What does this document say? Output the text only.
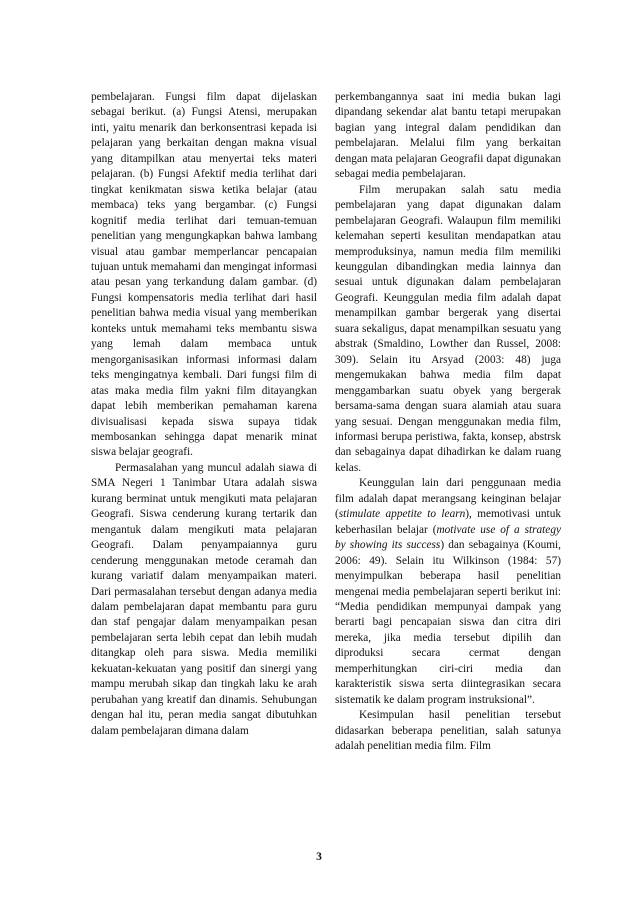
pembelajaran. Fungsi film dapat dijelaskan sebagai berikut. (a) Fungsi Atensi, merupakan inti, yaitu menarik dan berkonsentrasi kepada isi pelajaran yang berkaitan dengan makna visual yang ditampilkan atau menyertai teks materi pelajaran. (b) Fungsi Afektif media terlihat dari tingkat kenikmatan siswa ketika belajar (atau membaca) teks yang bergambar. (c) Fungsi kognitif media terlihat dari temuan-temuan penelitian yang mengungkapkan bahwa lambang visual atau gambar memperlancar pencapaian tujuan untuk memahami dan mengingat informasi atau pesan yang terkandung dalam gambar. (d) Fungsi kompensatoris media terlihat dari hasil penelitian bahwa media visual yang memberikan konteks untuk memahami teks membantu siswa yang lemah dalam membaca untuk mengorganisasikan informasi informasi dalam teks mengingatnya kembali. Dari fungsi film di atas maka media film yakni film ditayangkan dapat lebih memberikan pemahaman karena divisualisasi kepada siswa supaya tidak membosankan sehingga dapat menarik minat siswa belajar geografi.

Permasalahan yang muncul adalah siawa di SMA Negeri 1 Tanimbar Utara adalah siswa kurang berminat untuk mengikuti mata pelajaran Geografi. Siswa cenderung kurang tertarik dan mengantuk dalam mengikuti mata pelajaran Geografi. Dalam penyampaiannya guru cenderung menggunakan metode ceramah dan kurang variatif dalam menyampaikan materi. Dari permasalahan tersebut dengan adanya media dalam pembelajaran dapat membantu para guru dan staf pengajar dalam menyampaikan pesan pembelajaran serta lebih cepat dan lebih mudah ditangkap oleh para siswa. Media memiliki kekuatan-kekuatan yang positif dan sinergi yang mampu merubah sikap dan tingkah laku ke arah perubahan yang kreatif dan dinamis. Sehubungan dengan hal itu, peran media sangat dibutuhkan dalam pembelajaran dimana dalam

perkembangannya saat ini media bukan lagi dipandang sekendar alat bantu tetapi merupakan bagian yang integral dalam pendidikan dan pembelajaran. Melalui film yang berkaitan dengan mata pelajaran Geografii dapat digunakan sebagai media pembelajaran.

Film merupakan salah satu media pembelajaran yang dapat digunakan dalam pembelajaran Geografi. Walaupun film memiliki kelemahan seperti kesulitan mendapatkan atau memproduksinya, namun media film memiliki keunggulan dibandingkan media lainnya dan sesuai untuk digunakan dalam pembelajaran Geografi. Keunggulan media film adalah dapat menampilkan gambar bergerak yang disertai suara sekaligus, dapat menampilkan sesuatu yang abstrak (Smaldino, Lowther dan Russel, 2008: 309). Selain itu Arsyad (2003: 48) juga mengemukakan bahwa media film dapat menggambarkan suatu obyek yang bergerak bersama-sama dengan suara alamiah atau suara yang sesuai. Dengan menggunakan media film, informasi berupa peristiwa, fakta, konsep, abstrsk dan sebagainya dapat dihadirkan ke dalam ruang kelas.

Keunggulan lain dari penggunaan media film adalah dapat merangsang keinginan belajar (stimulate appetite to learn), memotivasi untuk keberhasilan belajar (motivate use of a strategy by showing its success) dan sebagainya (Koumi, 2006: 49). Selain itu Wilkinson (1984: 57) menyimpulkan beberapa hasil penelitian mengenai media pembelajaran seperti berikut ini: “Media pendidikan mempunyai dampak yang berarti bagi pencapaian siswa dan citra diri mereka, jika media tersebut dipilih dan diproduksi secara cermat dengan memperhitungkan ciri-ciri media dan karakteristik siswa serta diintegrasikan secara sistematik ke dalam program instruksional”.

Kesimpulan hasil penelitian tersebut didasarkan beberapa penelitian, salah satunya adalah penelitian media film. Film

3
